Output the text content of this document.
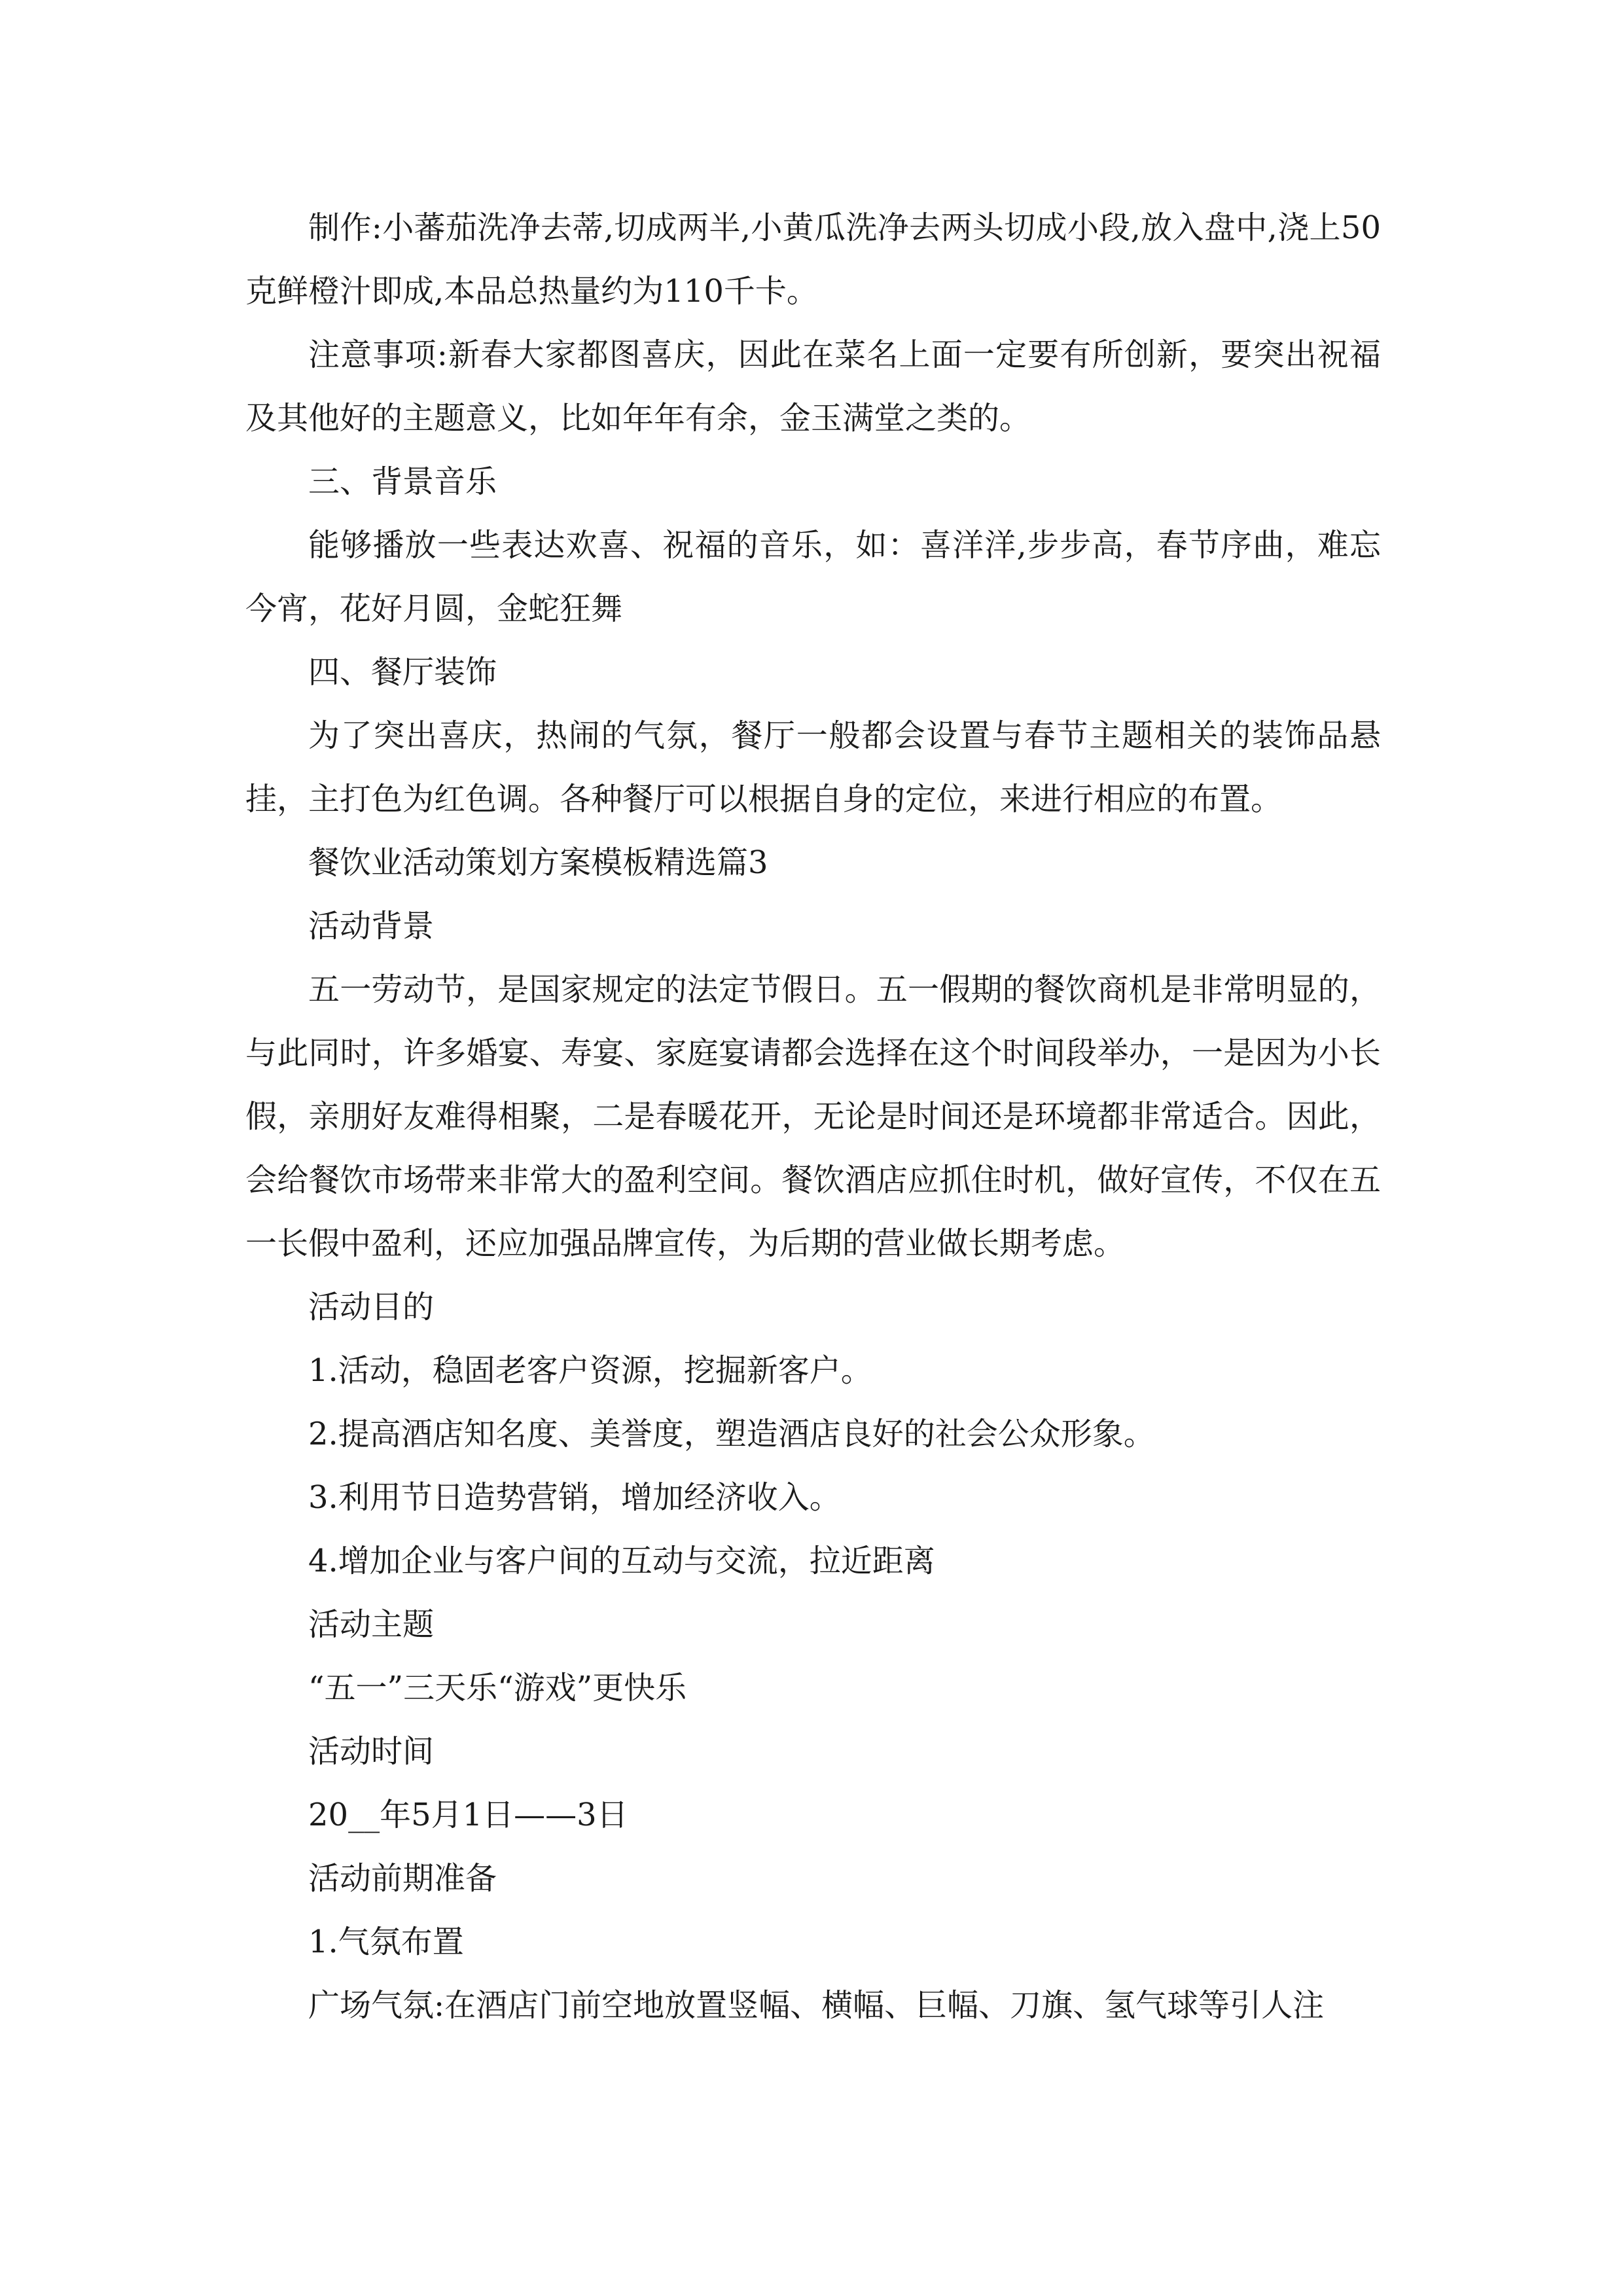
制作:小蕃茄洗净去蒂,切成两半,小黄瓜洗净去两头切成小段,放入盘中,浇上50克鲜橙汁即成,本品总热量约为110千卡。

注意事项:新春大家都图喜庆，因此在菜名上面一定要有所创新，要突出祝福及其他好的主题意义，比如年年有余，金玉满堂之类的。

三、背景音乐

能够播放一些表达欢喜、祝福的音乐，如：喜洋洋,步步高，春节序曲，难忘今宵，花好月圆，金蛇狂舞

四、餐厅装饰

为了突出喜庆，热闹的气氛，餐厅一般都会设置与春节主题相关的装饰品悬挂，主打色为红色调。各种餐厅可以根据自身的定位，来进行相应的布置。

餐饮业活动策划方案模板精选篇3

活动背景

五一劳动节，是国家规定的法定节假日。五一假期的餐饮商机是非常明显的，与此同时，许多婚宴、寿宴、家庭宴请都会选择在这个时间段举办，一是因为小长假，亲朋好友难得相聚，二是春暖花开，无论是时间还是环境都非常适合。因此，会给餐饮市场带来非常大的盈利空间。餐饮酒店应抓住时机，做好宣传，不仅在五一长假中盈利，还应加强品牌宣传，为后期的营业做长期考虑。

活动目的

1.活动，稳固老客户资源，挖掘新客户。

2.提高酒店知名度、美誉度，塑造酒店良好的社会公众形象。

3.利用节日造势营销，增加经济收入。

4.增加企业与客户间的互动与交流，拉近距离

活动主题

“五一”三天乐“游戏”更快乐

活动时间

20__年5月1日——3日

活动前期准备

1.气氛布置

广场气氛:在酒店门前空地放置竖幅、横幅、巨幅、刀旗、氢气球等引人注
